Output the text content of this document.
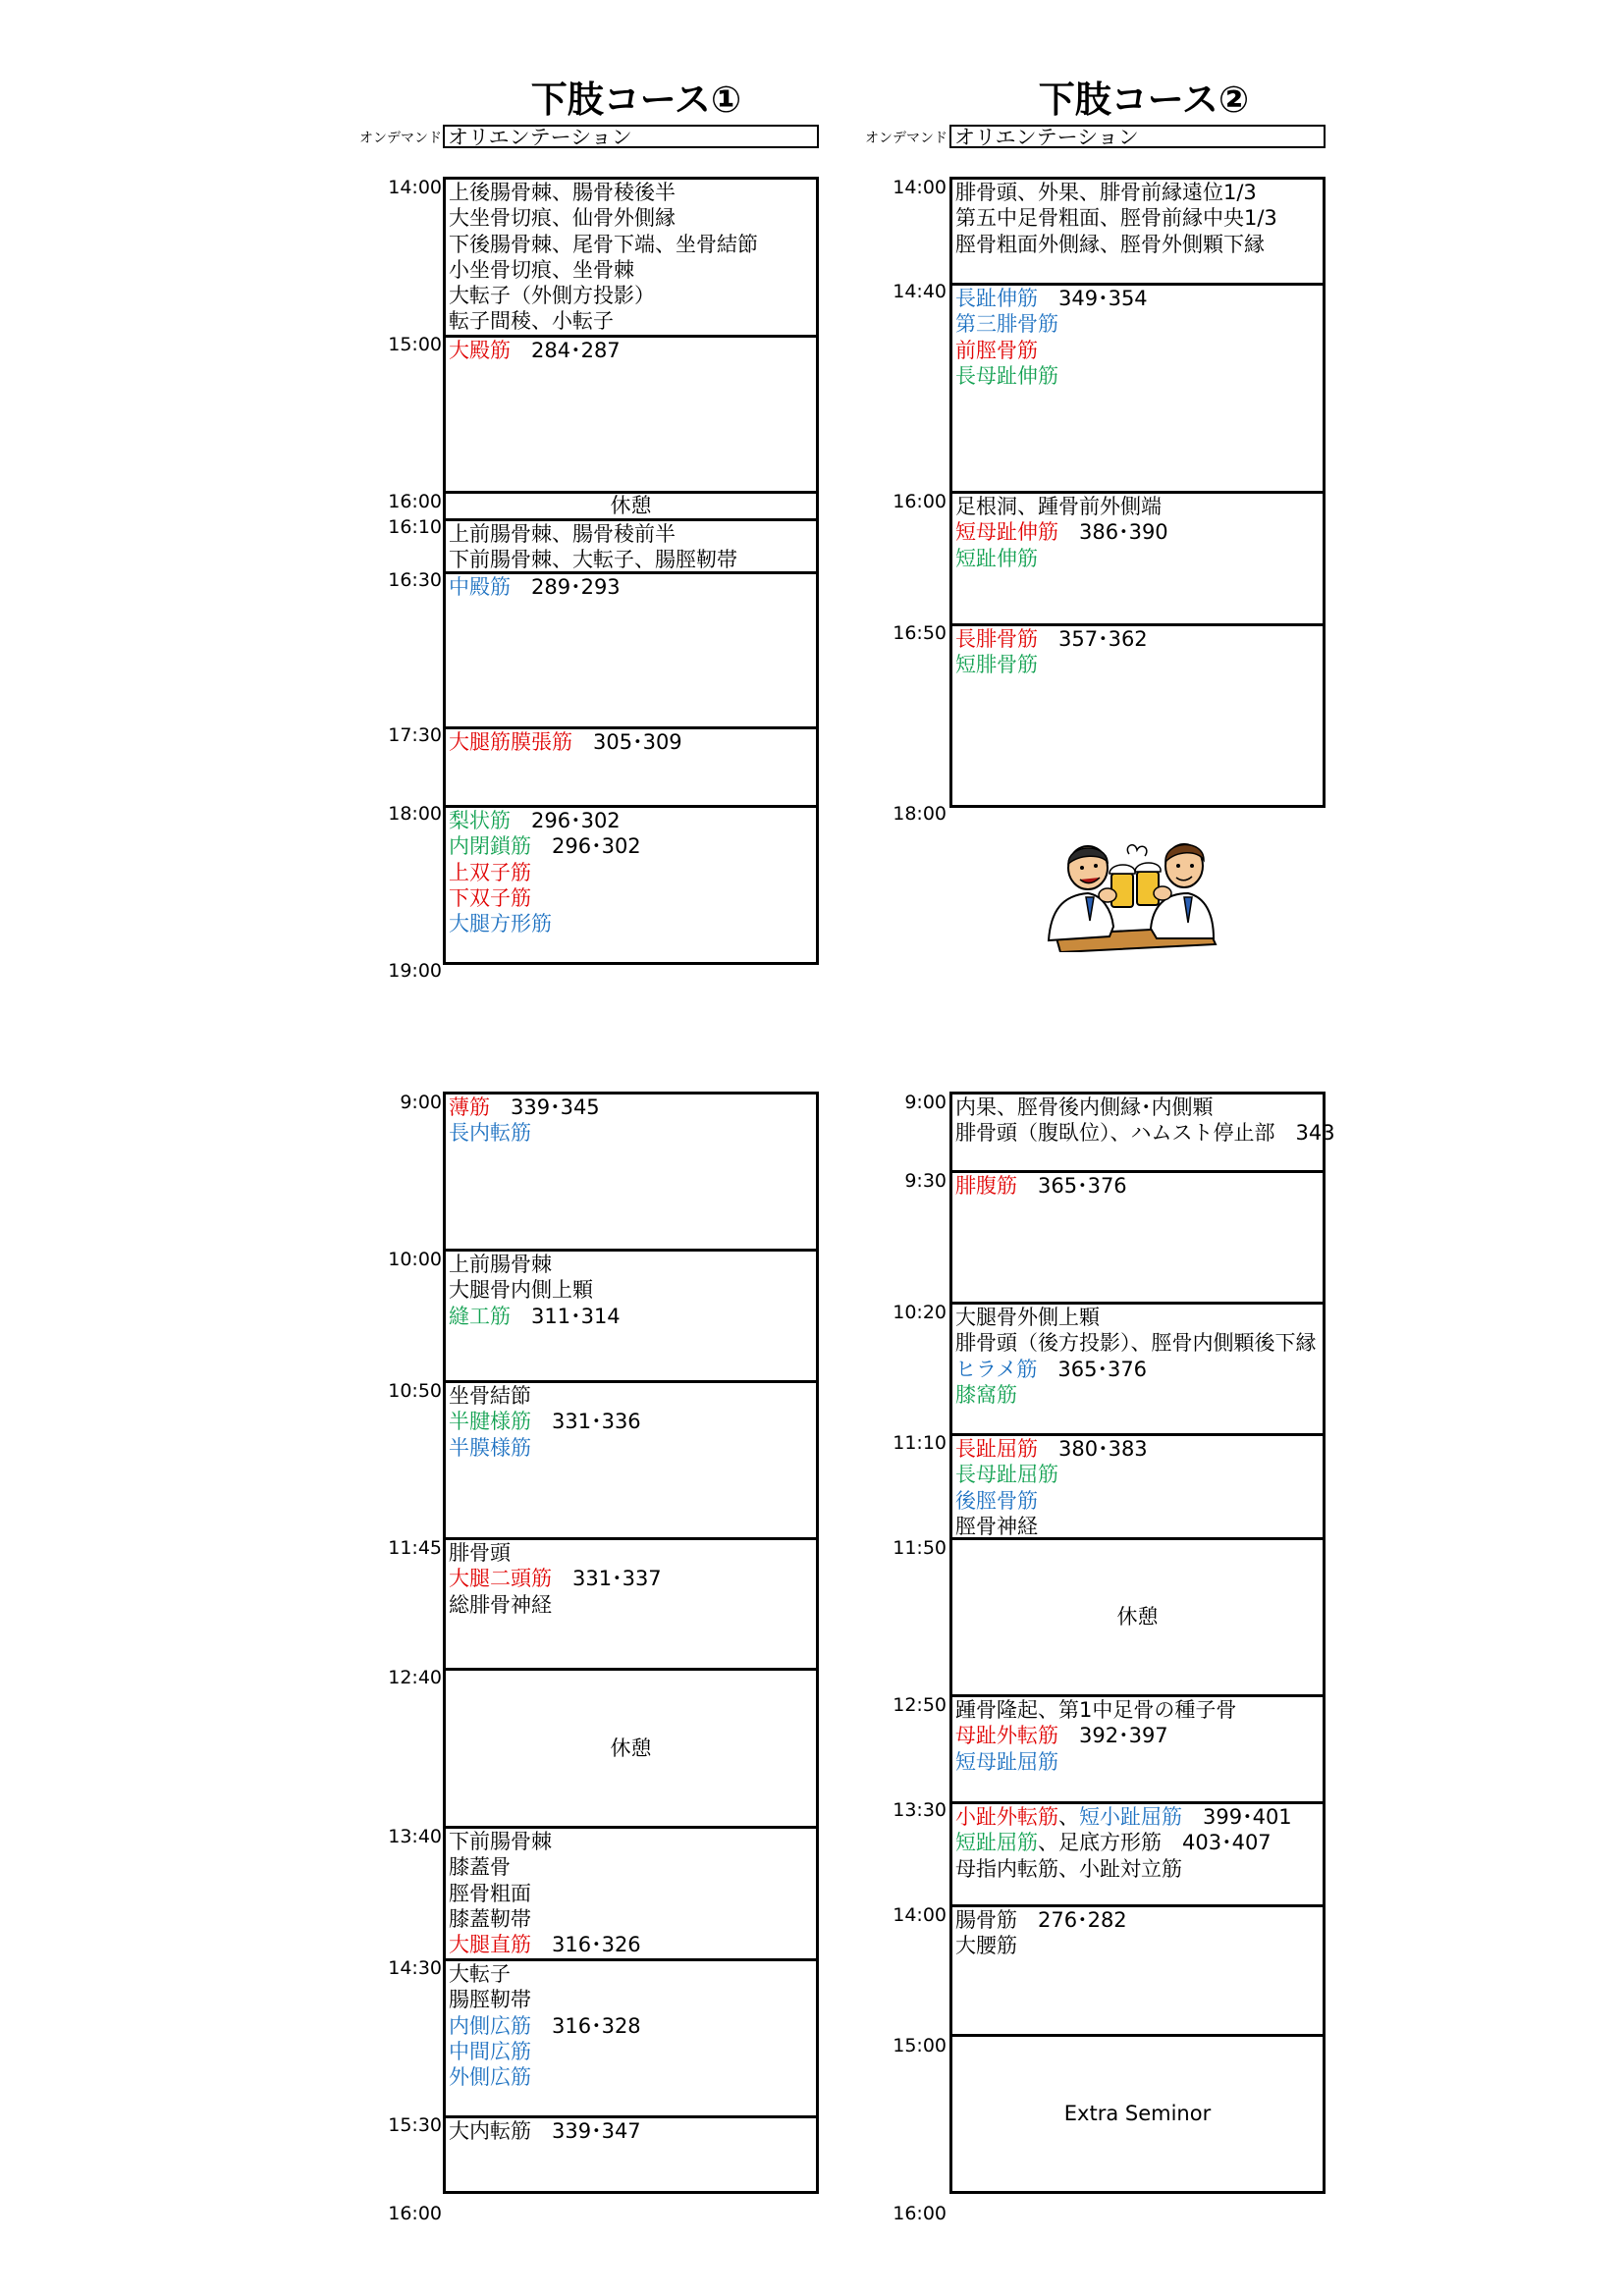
下肢コース①	下肢コース②
オンデマンド オリエンテーション	オンデマンド オリエンテーション
14:00
15:00
16:00
16:10
16:30
17:30
18:00
19:00
上後腸骨棘、腸骨稜後半
大坐骨切痕、仙骨外側縁
下後腸骨棘、尾骨下端、坐骨結節
小坐骨切痕、坐骨棘
大転子（外側方投影）
転子間稜、小転子
大殿筋　284･287
休憩
上前腸骨棘、腸骨稜前半
下前腸骨棘、大転子、腸脛靭帯
中殿筋　289･293
大腿筋膜張筋　305･309
梨状筋　296･302
内閉鎖筋　296･302
上双子筋
下双子筋
大腿方形筋
14:00
14:40
16:00
16:50
18:00
腓骨頭、外果、腓骨前縁遠位1/3
第五中足骨粗面、脛骨前縁中央1/3
脛骨粗面外側縁、脛骨外側顆下縁
長趾伸筋　349･354
第三腓骨筋
前脛骨筋
長母趾伸筋
足根洞、踵骨前外側端
短母趾伸筋　386･390
短趾伸筋
長腓骨筋　357･362
短腓骨筋
9:00
10:00
10:50
11:45
12:40
13:40
14:30
15:30
16:00
薄筋　339･345
長内転筋
上前腸骨棘
大腿骨内側上顆
縫工筋　311･314
坐骨結節
半腱様筋　331･336
半膜様筋
腓骨頭
大腿二頭筋　331･337
総腓骨神経
休憩
下前腸骨棘
膝蓋骨
脛骨粗面
膝蓋靭帯
大腿直筋　316･326
大転子
腸脛靭帯
内側広筋　316･328
中間広筋
外側広筋
大内転筋　339･347
9:00
9:30
10:20
11:10
11:50
12:50
13:30
14:00
15:00
16:00
内果、脛骨後内側縁･内側顆
腓骨頭（腹臥位）、ハムスト停止部　343
腓腹筋　365･376
大腿骨外側上顆
腓骨頭（後方投影）、脛骨内側顆後下縁
ヒラメ筋　365･376
膝窩筋
長趾屈筋　380･383
長母趾屈筋
後脛骨筋
脛骨神経
休憩
踵骨隆起、第1中足骨の種子骨
母趾外転筋　392･397
短母趾屈筋
小趾外転筋、短小趾屈筋　399･401
短趾屈筋、足底方形筋　403･407
母指内転筋、小趾対立筋
腸骨筋　276･282
大腰筋
Extra Seminor
